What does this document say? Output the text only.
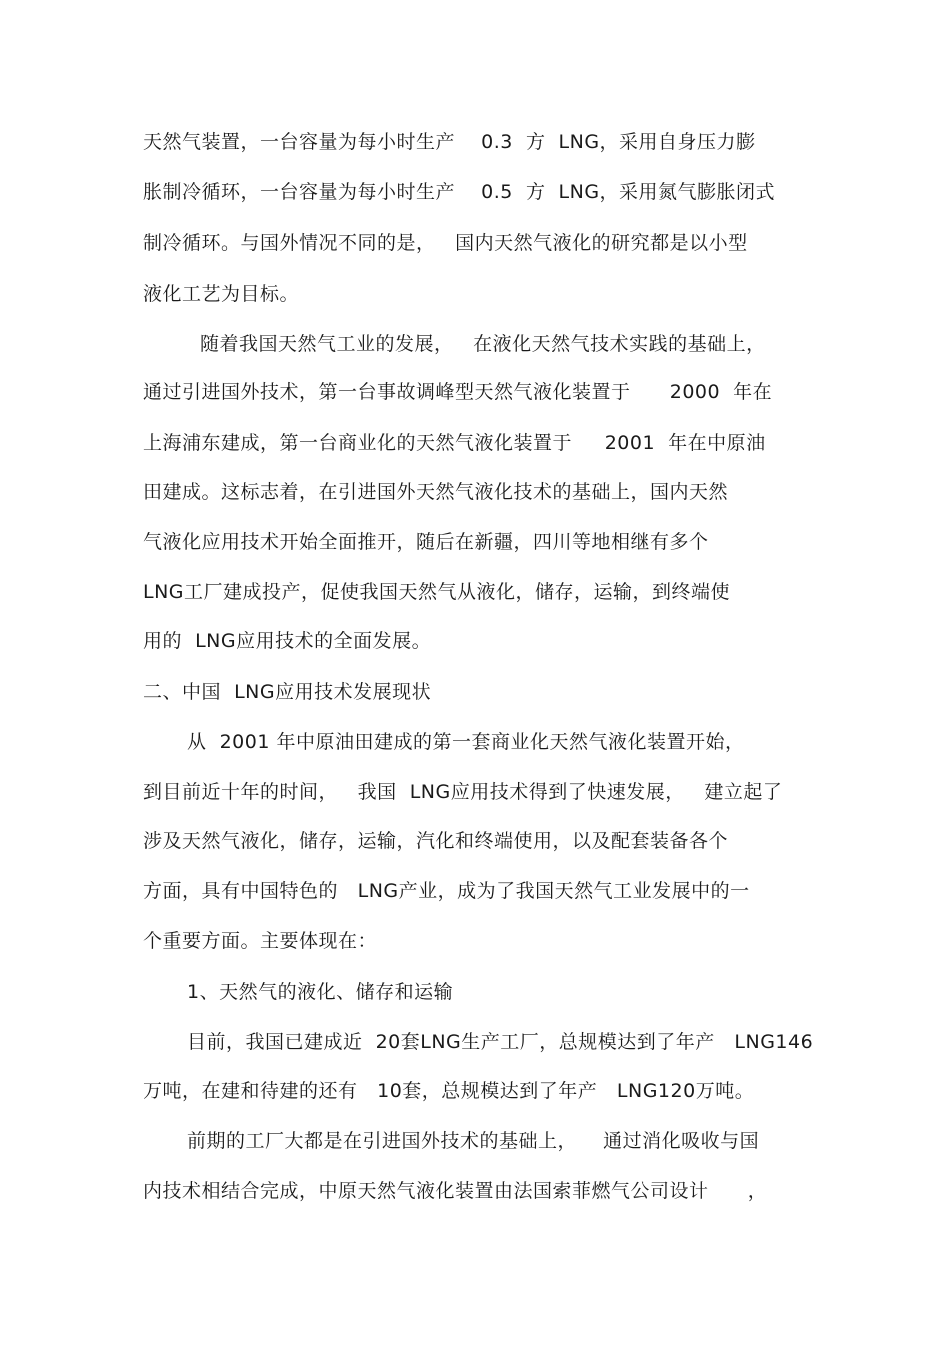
天然气装置，一台容量为每小时生产    0.3  方  LNG，采用自身压力膨
胀制冷循环，一台容量为每小时生产    0.5  方  LNG，采用氮气膨胀闭式
制冷循环。与国外情况不同的是，   国内天然气液化的研究都是以小型
液化工艺为目标。
随着我国天然气工业的发展，   在液化天然气技术实践的基础上，
通过引进国外技术，第一台事故调峰型天然气液化装置于      2000  年在
上海浦东建成，第一台商业化的天然气液化装置于     2001  年在中原油
田建成。这标志着，在引进国外天然气液化技术的基础上，国内天然
气液化应用技术开始全面推开，随后在新疆，四川等地相继有多个
LNG工厂建成投产，促使我国天然气从液化，储存，运输，到终端使
用的  LNG应用技术的全面发展。
二、中国  LNG应用技术发展现状
从  2001 年中原油田建成的第一套商业化天然气液化装置开始，
到目前近十年的时间，   我国  LNG应用技术得到了快速发展，   建立起了
涉及天然气液化，储存，运输，汽化和终端使用，以及配套装备各个
方面，具有中国特色的   LNG产业，成为了我国天然气工业发展中的一
个重要方面。主要体现在：
1、天然气的液化、储存和运输
目前，我国已建成近  20套LNG生产工厂，总规模达到了年产   LNG146
万吨，在建和待建的还有   10套，总规模达到了年产   LNG120万吨。
前期的工厂大都是在引进国外技术的基础上，    通过消化吸收与国
内技术相结合完成，中原天然气液化装置由法国索菲燃气公司设计      ，
